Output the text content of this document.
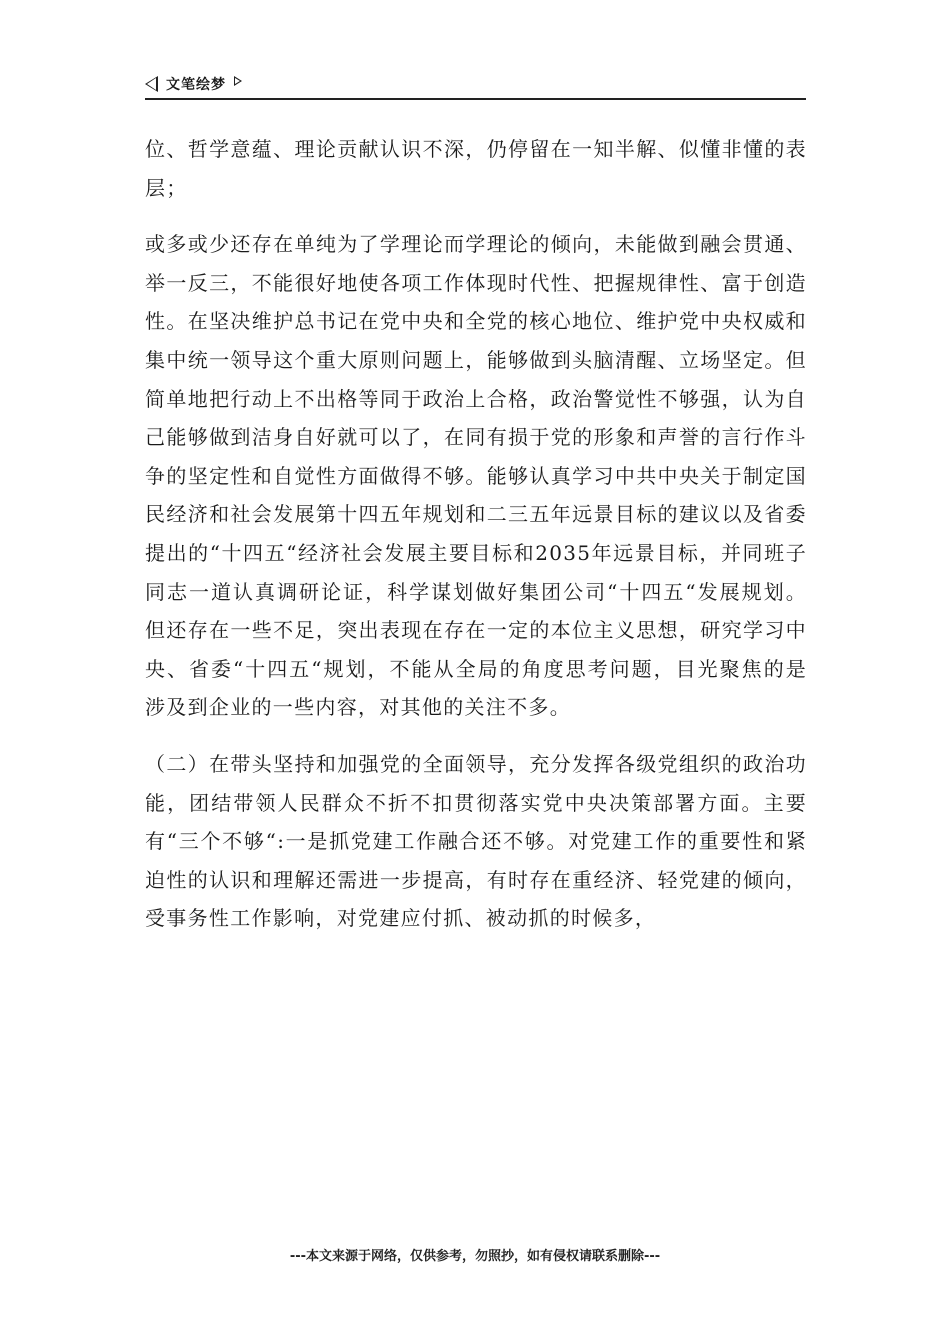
文笔绘梦

位、哲学意蕴、理论贡献认识不深，仍停留在一知半解、似懂非懂的表层；

或多或少还存在单纯为了学理论而学理论的倾向，未能做到融会贯通、举一反三，不能很好地使各项工作体现时代性、把握规律性、富于创造性。在坚决维护总书记在党中央和全党的核心地位、维护党中央权威和集中统一领导这个重大原则问题上，能够做到头脑清醒、立场坚定。但简单地把行动上不出格等同于政治上合格，政治警觉性不够强，认为自己能够做到洁身自好就可以了，在同有损于党的形象和声誉的言行作斗争的坚定性和自觉性方面做得不够。能够认真学习中共中央关于制定国民经济和社会发展第十四五年规划和二三五年远景目标的建议以及省委提出的“十四五“经济社会发展主要目标和2035年远景目标，并同班子同志一道认真调研论证，科学谋划做好集团公司“十四五“发展规划。但还存在一些不足，突出表现在存在一定的本位主义思想，研究学习中央、省委“十四五“规划，不能从全局的角度思考问题，目光聚焦的是涉及到企业的一些内容，对其他的关注不多。

（二）在带头坚持和加强党的全面领导，充分发挥各级党组织的政治功能，团结带领人民群众不折不扣贯彻落实党中央决策部署方面。主要有“三个不够“:一是抓党建工作融合还不够。对党建工作的重要性和紧迫性的认识和理解还需进一步提高，有时存在重经济、轻党建的倾向，受事务性工作影响，对党建应付抓、被动抓的时候多，

---本文来源于网络，仅供参考，勿照抄，如有侵权请联系删除---
